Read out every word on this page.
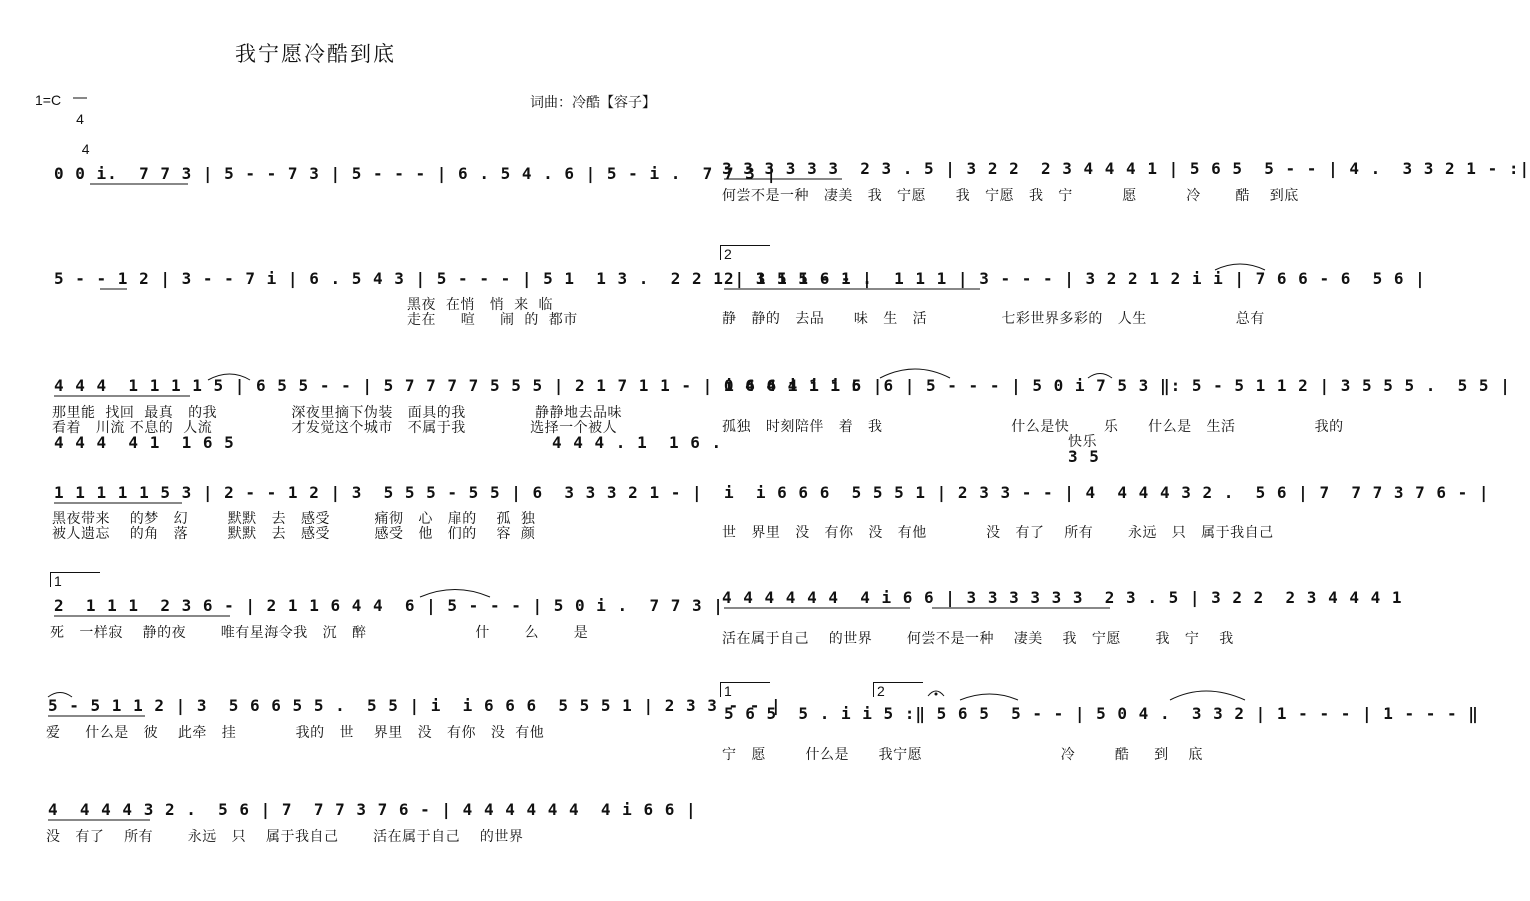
我宁愿冷酷到底
1=C

4

4

词曲：冷酷【容子】
0 0 i.  7 7 3 | 5 - - 7 3 | 5 - - - | 6 . 5 4 . 6 | 5 - i .  7 7 3 |
5 - - 1 2 | 3 - - 7 i | 6 . 5 4 3 | 5 - - - | 5 1  1 3 .  2 2 1 | 3 5 5 - - |
黑夜  在悄   悄  来  临
走在     喧     闹  的  都市
4 4 4  1 1 1 1 5 | 6 5 5 - - | 5 7 7 7 7 5 5 5 | 2 1 7 1 1 - | 0 4 4 4 1 1 6 |
那里能  找回  最真   的我               深夜里摘下伪装   面具的我              静静地去品味
看着   川流 不息的  人流                才发觉这个城市   不属于我             选择一个被人
4 4 4  4 1  1 6 5	4 4 4 . 1  1 6 .
1 1 1 1 1 5 3 | 2 - - 1 2 | 3  5 5 5 - 5 5 | 6  3 3 3 2 1 - |
黑夜带来    的梦   幻        默默   去   感受         痛彻   心   扉的    孤  独
被人遗忘    的角   落        默默   去   感受         感受   他   们的    容  颜
1
2  1 1 1  2 3 6 - | 2 1 1 6 4 4  6 | 5 - - - | 5 0 i .  7 7 3 |
死   一样寂    静的夜       唯有星海令我   沉   醉                      什       么       是
5 - 5 1 1 2 | 3  5 6 6 5 5 .  5 5 | i  i 6 6 6  5 5 5 1 | 2 3 3 - - |
爱     什么是   彼    此牵   挂            我的   世    界里   没   有你   没  有他
4  4 4 4 3 2 .  5 6 | 7  7 7 3 7 6 - | 4 4 4 4 4 4  4 i 6 6 |
没   有了    所有       永远   只    属于我自己       活在属于自己    的世界
3 3 3 3 3 3  2 3 . 5 | 3 2 2  2 3 4 4 4 1 | 5 6 5  5 - - | 4 .  3 3 2 1 - :|
何尝不是一种   凄美   我   宁愿      我   宁愿   我   宁          愿          冷       酷    到底
2
2  1 1 1 6 1 .  1 1 1 | 3 - - - | 3 2 2 1 2 i i | 7 6 6 - 6  5 6 |
静   静的   去品      味   生   活               七彩世界多彩的   人生                  总有
i 6 6 i i i 5  6 | 5 - - - | 5 0 i 7 5 3 ‖: 5 - 5 1 1 2 | 3 5 5 5 .  5 5 |
孤独   时刻陪伴   着   我                          什么是快       乐      什么是   生活                我的
快乐
3 5
i  i 6 6 6  5 5 5 1 | 2 3 3 - - | 4  4 4 4 3 2 .  5 6 | 7  7 7 3 7 6 - |
世   界里   没   有你   没   有他            没   有了    所有       永远   只   属于我自己
4 4 4 4 4 4  4 i 6 6 | 3 3 3 3 3 3  2 3 . 5 | 3 2 2  2 3 4 4 4 1
活在属于自己    的世界       何尝不是一种    凄美    我   宁愿       我   宁    我
1	2
5 6 5  5 . i i 5 :‖ 5 6 5  5 - - | 5 0 4 .  3 3 2 | 1 - - - | 1 - - - ‖
宁   愿        什么是      我宁愿                            冷        酷     到    底
